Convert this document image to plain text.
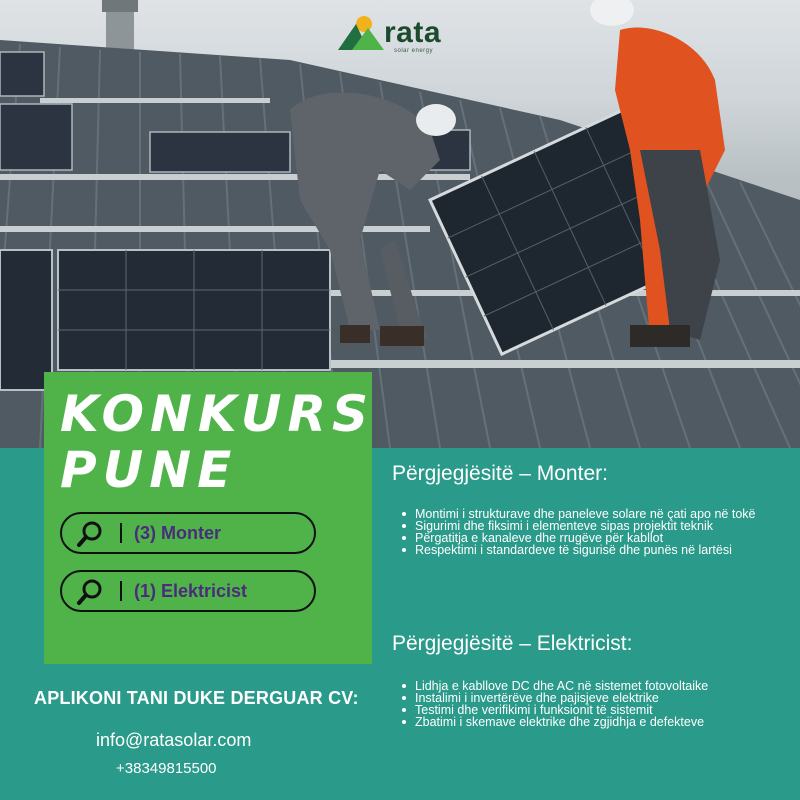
rata
solar energy
KONKURS
PUNE
(3) Monter
(1) Elektricist
Përgjegjësitë – Monter:
Montimi i strukturave dhe paneleve solare në çati apo në tokë
Sigurimi dhe fiksimi i elementeve sipas projektit teknik
Përgatitja e kanaleve dhe rrugëve për kabllot
Respektimi i standardeve të sigurisë dhe punës në lartësi
Përgjegjësitë – Elektricist:
Lidhja e kabllove DC dhe AC në sistemet fotovoltaike
Instalimi i invertërëve dhe pajisjeve elektrike
Testimi dhe verifikimi i funksionit të sistemit
Zbatimi i skemave elektrike dhe zgjidhja e defekteve
APLIKONI TANI DUKE DERGUAR CV:
info@ratasolar.com
+38349815500
